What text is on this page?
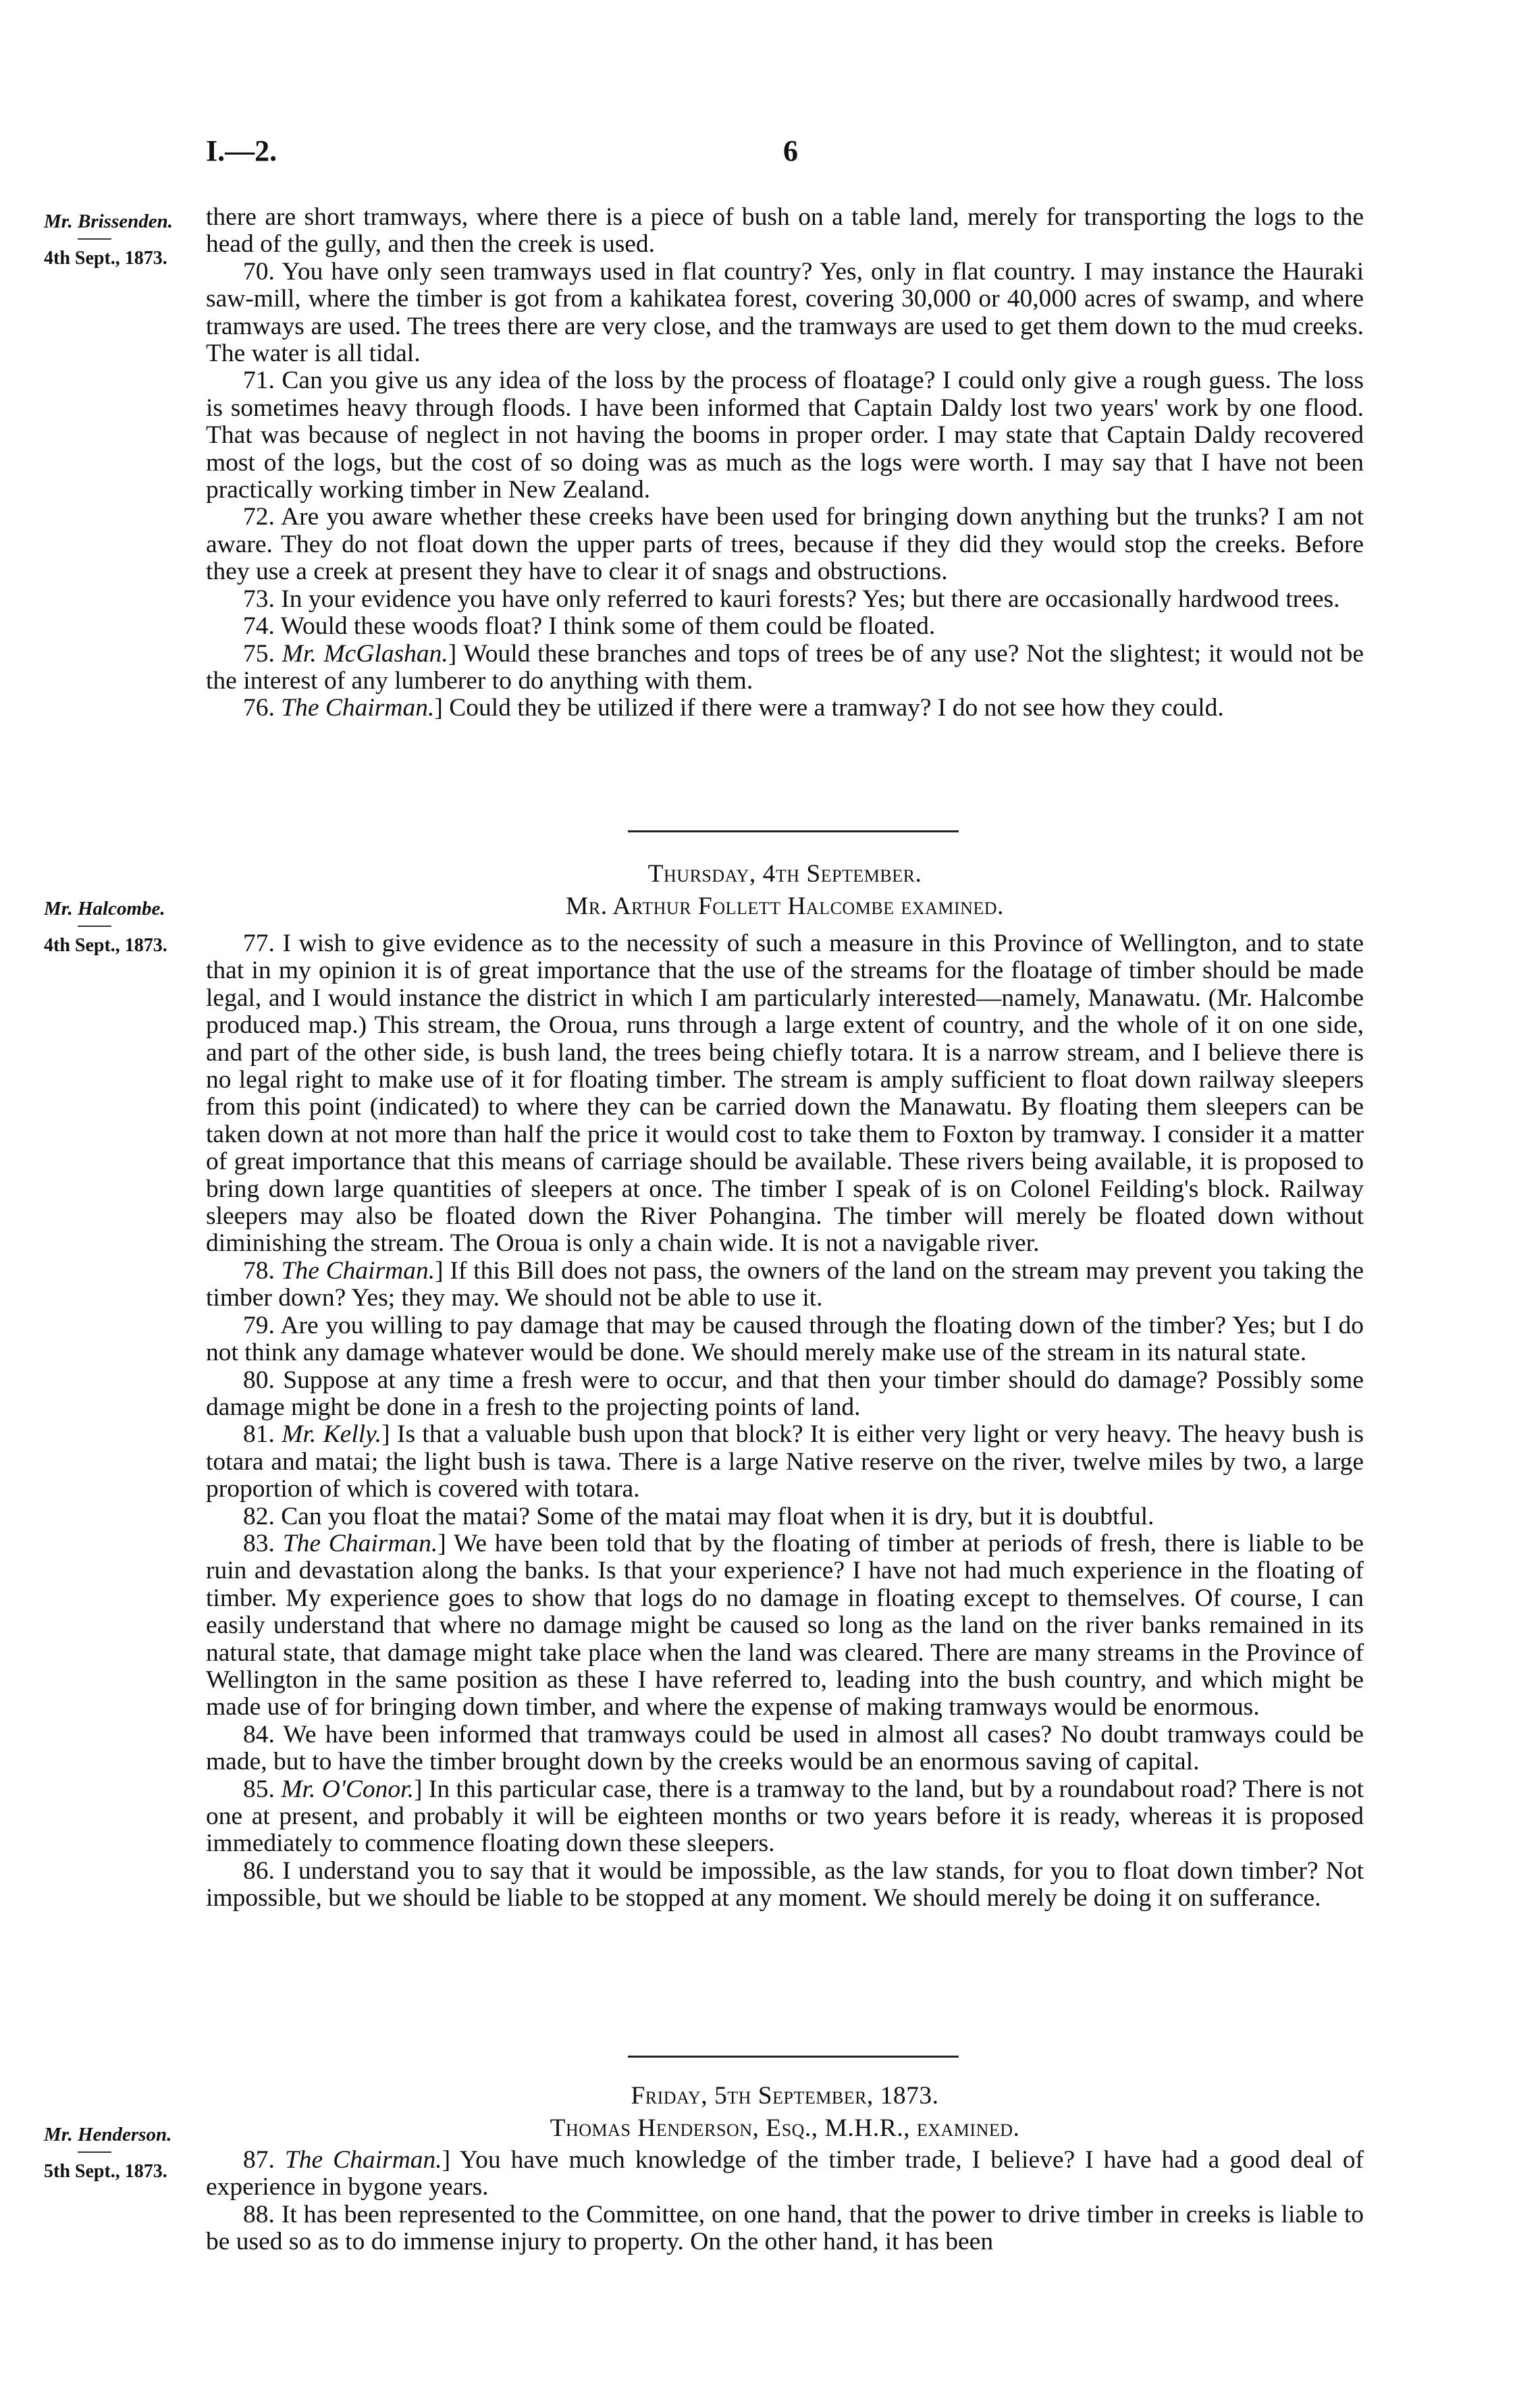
I.—2.	6
Mr. Brissenden.
4th Sept., 1873.

there are short tramways, where there is a piece of bush on a table land, merely for transporting the logs to the head of the gully, and then the creek is used.

70. You have only seen tramways used in flat country? Yes, only in flat country. I may instance the Hauraki saw-mill, where the timber is got from a kahikatea forest, covering 30,000 or 40,000 acres of swamp, and where tramways are used. The trees there are very close, and the tramways are used to get them down to the mud creeks. The water is all tidal.

71. Can you give us any idea of the loss by the process of floatage? I could only give a rough guess. The loss is sometimes heavy through floods. I have been informed that Captain Daldy lost two years' work by one flood. That was because of neglect in not having the booms in proper order. I may state that Captain Daldy recovered most of the logs, but the cost of so doing was as much as the logs were worth. I may say that I have not been practically working timber in New Zealand.

72. Are you aware whether these creeks have been used for bringing down anything but the trunks? I am not aware. They do not float down the upper parts of trees, because if they did they would stop the creeks. Before they use a creek at present they have to clear it of snags and obstructions.

73. In your evidence you have only referred to kauri forests? Yes; but there are occasionally hardwood trees.

74. Would these woods float? I think some of them could be floated.

75. Mr. McGlashan.] Would these branches and tops of trees be of any use? Not the slightest; it would not be the interest of any lumberer to do anything with them.

76. The Chairman.] Could they be utilized if there were a tramway? I do not see how they could.

Thursday, 4th September.
Mr. Arthur Follett Halcombe examined.
Mr. Halcombe.
4th Sept., 1873.	77. I wish to give evidence as to the necessity of such a measure in this Province of Wellington, and to state that in my opinion it is of great importance that the use of the streams for the floatage of timber should be made legal, and I would instance the district in which I am particularly interested—namely, Manawatu. (Mr. Halcombe produced map.) This stream, the Oroua, runs through a large extent of country, and the whole of it on one side, and part of the other side, is bush land, the trees being chiefly totara. It is a narrow stream, and I believe there is no legal right to make use of it for floating timber. The stream is amply sufficient to float down railway sleepers from this point (indicated) to where they can be carried down the Manawatu. By floating them sleepers can be taken down at not more than half the price it would cost to take them to Foxton by tramway. I consider it a matter of great importance that this means of carriage should be available. These rivers being available, it is proposed to bring down large quantities of sleepers at once. The timber I speak of is on Colonel Feilding's block. Railway sleepers may also be floated down the River Pohangina. The timber will merely be floated down without diminishing the stream. The Oroua is only a chain wide. It is not a navigable river.

78. The Chairman.] If this Bill does not pass, the owners of the land on the stream may prevent you taking the timber down? Yes; they may. We should not be able to use it.

79. Are you willing to pay damage that may be caused through the floating down of the timber? Yes; but I do not think any damage whatever would be done. We should merely make use of the stream in its natural state.

80. Suppose at any time a fresh were to occur, and that then your timber should do damage? Possibly some damage might be done in a fresh to the projecting points of land.

81. Mr. Kelly.] Is that a valuable bush upon that block? It is either very light or very heavy. The heavy bush is totara and matai; the light bush is tawa. There is a large Native reserve on the river, twelve miles by two, a large proportion of which is covered with totara.

82. Can you float the matai? Some of the matai may float when it is dry, but it is doubtful.

83. The Chairman.] We have been told that by the floating of timber at periods of fresh, there is liable to be ruin and devastation along the banks. Is that your experience? I have not had much experience in the floating of timber. My experience goes to show that logs do no damage in floating except to themselves. Of course, I can easily understand that where no damage might be caused so long as the land on the river banks remained in its natural state, that damage might take place when the land was cleared. There are many streams in the Province of Wellington in the same position as these I have referred to, leading into the bush country, and which might be made use of for bringing down timber, and where the expense of making tramways would be enormous.

84. We have been informed that tramways could be used in almost all cases? No doubt tramways could be made, but to have the timber brought down by the creeks would be an enormous saving of capital.

85. Mr. O'Conor.] In this particular case, there is a tramway to the land, but by a roundabout road? There is not one at present, and probably it will be eighteen months or two years before it is ready, whereas it is proposed immediately to commence floating down these sleepers.

86. I understand you to say that it would be impossible, as the law stands, for you to float down timber? Not impossible, but we should be liable to be stopped at any moment. We should merely be doing it on sufferance.

Friday, 5th September, 1873.
Thomas Henderson, Esq., M.H.R., examined.
Mr. Henderson.
5th Sept., 1873.	87. The Chairman.] You have much knowledge of the timber trade, I believe? I have had a good deal of experience in bygone years.

88. It has been represented to the Committee, on one hand, that the power to drive timber in creeks is liable to be used so as to do immense injury to property. On the other hand, it has been
